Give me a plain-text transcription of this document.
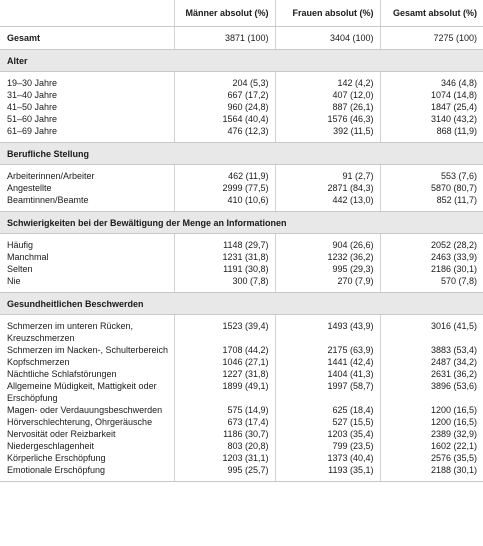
	Männer absolut (%)	Frauen absolut (%)	Gesamt absolut (%)
Gesamt	3871 (100)	3404 (100)	7275 (100)
Alter			

19–30 Jahre	204 (5,3)	142 (4,2)	346 (4,8)
31–40 Jahre	667 (17,2)	407 (12,0)	1074 (14,8)
41–50 Jahre	960 (24,8)	887 (26,1)	1847 (25,4)
51–60 Jahre	1564 (40,4)	1576 (46,3)	3140 (43,2)
61–69 Jahre	476 (12,3)	392 (11,5)	868 (11,9)

Berufliche Stellung			

Arbeiterinnen/Arbeiter	462 (11,9)	91 (2,7)	553 (7,6)
Angestellte	2999 (77,5)	2871 (84,3)	5870 (80,7)
Beamtinnen/Beamte	410 (10,6)	442 (13,0)	852 (11,7)

Schwierigkeiten bei der Bewältigung der Menge an Informationen			

Häufig	1148 (29,7)	904 (26,6)	2052 (28,2)
Manchmal	1231 (31,8)	1232 (36,2)	2463 (33,9)
Selten	1191 (30,8)	995 (29,3)	2186 (30,1)
Nie	300 (7,8)	270 (7,9)	570 (7,8)

Gesundheitlichen Beschwerden			

Schmerzen im unteren Rücken, Kreuzschmerzen	1523 (39,4)	1493 (43,9)	3016 (41,5)
Schmerzen im Nacken-, Schulterbereich	1708 (44,2)	2175 (63,9)	3883 (53,4)
Kopfschmerzen	1046 (27,1)	1441 (42,4)	2487 (34,2)
Nächtliche Schlafstörungen	1227 (31,8)	1404 (41,3)	2631 (36,2)
Allgemeine Müdigkeit, Mattigkeit oder Erschöpfung	1899 (49,1)	1997 (58,7)	3896 (53,6)
Magen- oder Verdauungsbeschwerden	575 (14,9)	625 (18,4)	1200 (16,5)
Hörverschlechterung, Ohrgeräusche	673 (17,4)	527 (15,5)	1200 (16,5)
Nervosität oder Reizbarkeit	1186 (30,7)	1203 (35,4)	2389 (32,9)
Niedergeschlagenheit	803 (20,8)	799 (23,5)	1602 (22,1)
Körperliche Erschöpfung	1203 (31,1)	1373 (40,4)	2576 (35,5)
Emotionale Erschöpfung	995 (25,7)	1193 (35,1)	2188 (30,1)
